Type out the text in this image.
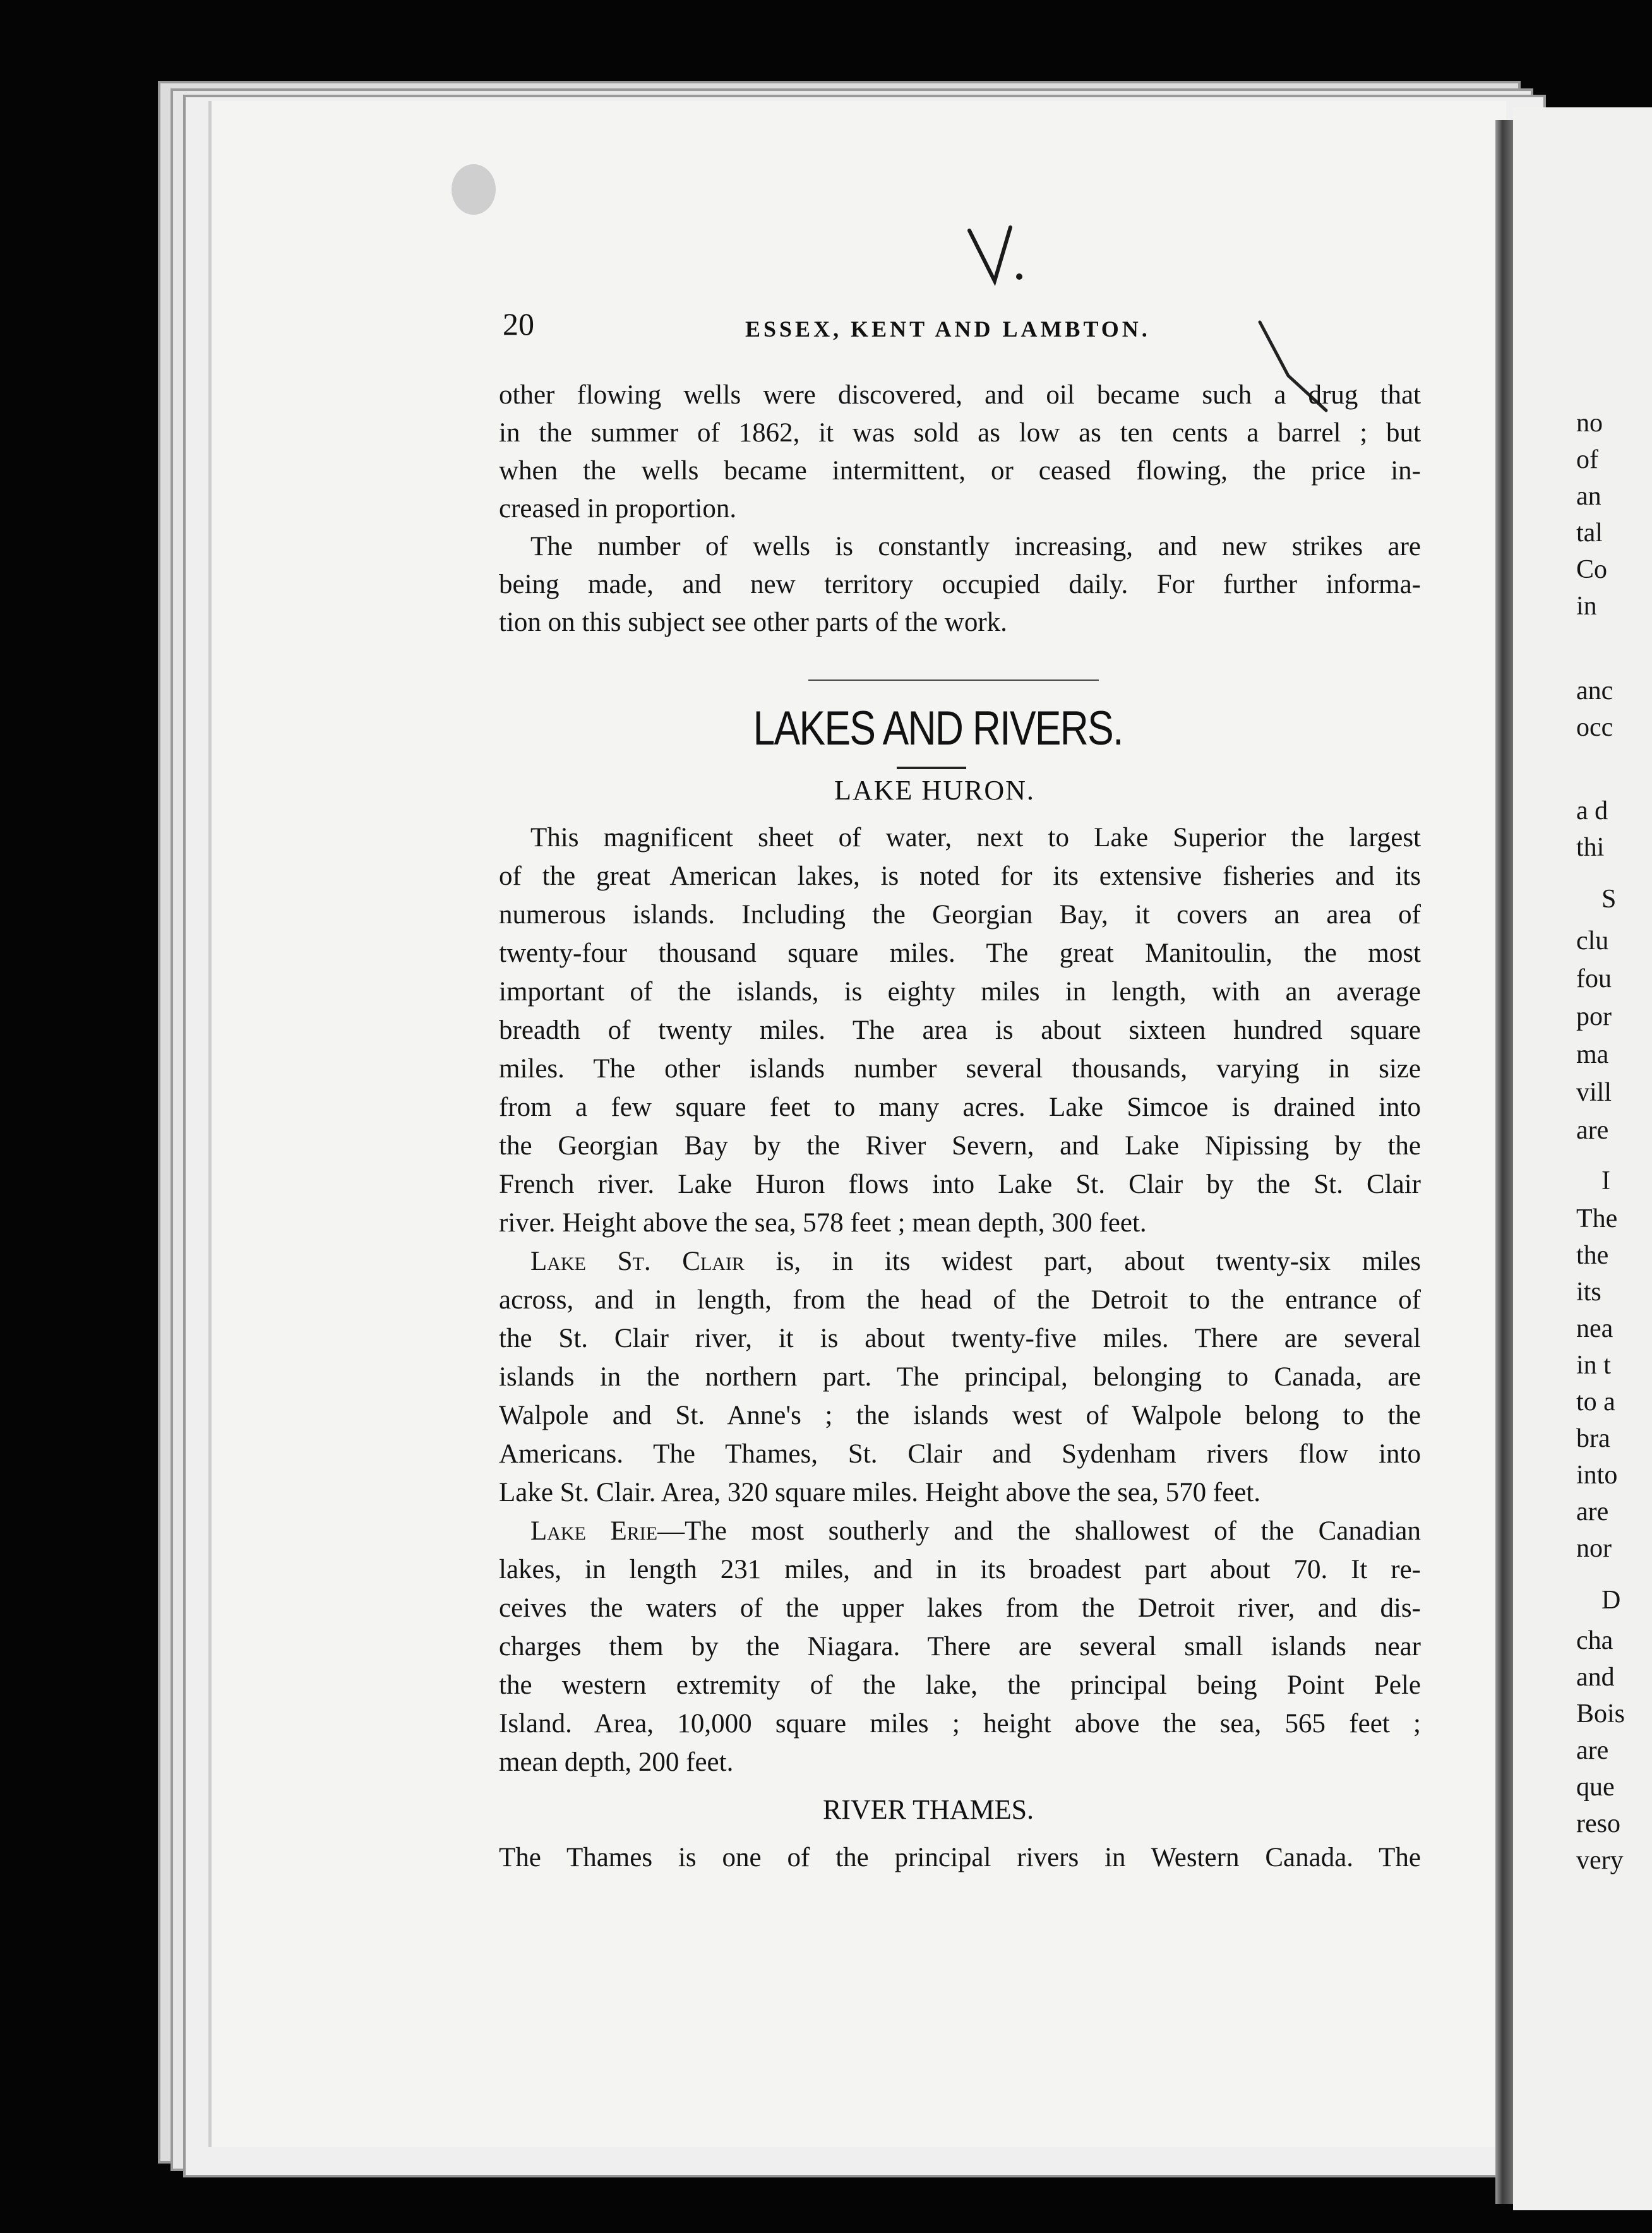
20	ESSEX, KENT AND LAMBTON.
other flowing wells were discovered, and oil became such a drug that
in the summer of 1862, it was sold as low as ten cents a barrel ; but
when the wells became intermittent, or ceased flowing, the price in-
creased in proportion.
The number of wells is constantly increasing, and new strikes are
being made, and new territory occupied daily. For further informa-
tion on this subject see other parts of the work.
LAKES AND RIVERS.
LAKE HURON.
This magnificent sheet of water, next to Lake Superior the largest
of the great American lakes, is noted for its extensive fisheries and its
numerous islands. Including the Georgian Bay, it covers an area of
twenty-four thousand square miles. The great Manitoulin, the most
important of the islands, is eighty miles in length, with an average
breadth of twenty miles. The area is about sixteen hundred square
miles. The other islands number several thousands, varying in size
from a few square feet to many acres. Lake Simcoe is drained into
the Georgian Bay by the River Severn, and Lake Nipissing by the
French river. Lake Huron flows into Lake St. Clair by the St. Clair
river. Height above the sea, 578 feet ; mean depth, 300 feet.
Lake St. Clair is, in its widest part, about twenty-six miles
across, and in length, from the head of the Detroit to the entrance of
the St. Clair river, it is about twenty-five miles. There are several
islands in the northern part. The principal, belonging to Canada, are
Walpole and St. Anne's ; the islands west of Walpole belong to the
Americans. The Thames, St. Clair and Sydenham rivers flow into
Lake St. Clair. Area, 320 square miles. Height above the sea, 570 feet.
Lake Erie—The most southerly and the shallowest of the Canadian
lakes, in length 231 miles, and in its broadest part about 70. It re-
ceives the waters of the upper lakes from the Detroit river, and dis-
charges them by the Niagara. There are several small islands near
the western extremity of the lake, the principal being Point Pele
Island. Area, 10,000 square miles ; height above the sea, 565 feet ;
mean depth, 200 feet.
RIVER THAMES.
The Thames is one of the principal rivers in Western Canada. The
no
of
an
tal
Co
in
anc
occ
a d
thi
S
clu
fou
por
ma
vill
are
I
The
the
its
nea
in t
to a
bra
into
are
nor
D
cha
and
Bois
are
que
reso
very
